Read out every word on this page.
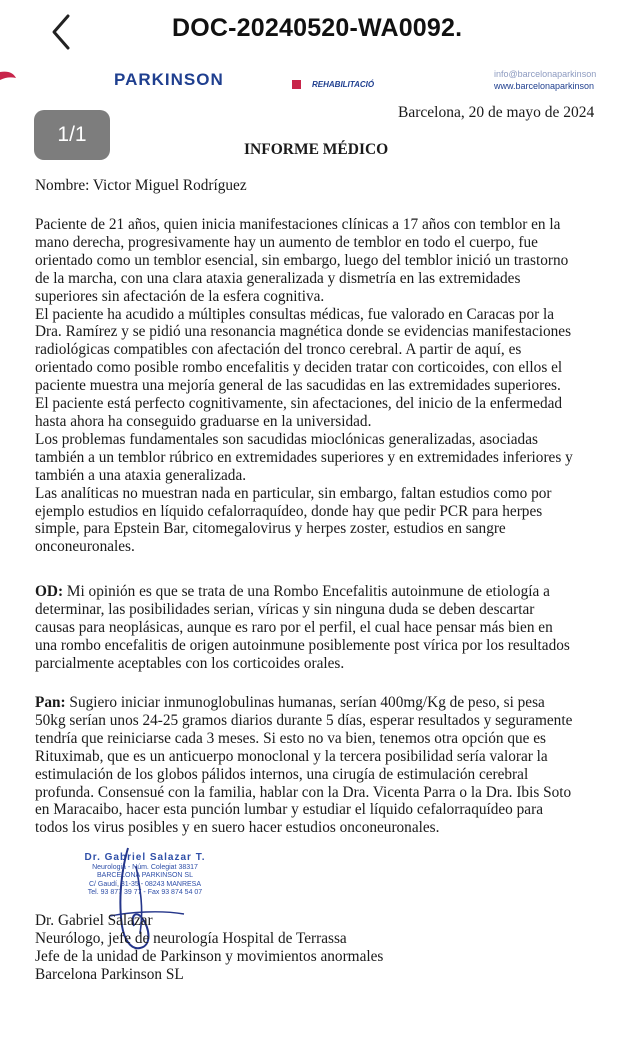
DOC-20240520-WA0092.
1/1
PARKINSON	REHABILITACIÓ
info@barcelonaparkinson
www.barcelonaparkinson
Barcelona, 20 de mayo de 2024
INFORME MÉDICO

Nombre: Victor Miguel Rodríguez

Paciente de 21 años, quien inicia manifestaciones clínicas a 17 años con temblor en la
mano derecha, progresivamente hay un aumento de temblor en todo el cuerpo, fue
orientado como un temblor esencial, sin embargo, luego del temblor inició un trastorno
de la marcha, con una clara ataxia generalizada y dismetría en las extremidades
superiores sin afectación de la esfera cognitiva.
El paciente ha acudido a múltiples consultas médicas, fue valorado en Caracas por la
Dra. Ramírez y se pidió una resonancia magnética donde se evidencias manifestaciones
radiológicas compatibles con afectación del tronco cerebral. A partir de aquí, es
orientado como posible rombo encefalitis y deciden tratar con corticoides, con ellos el
paciente muestra una mejoría general de las sacudidas en las extremidades superiores.
El paciente está perfecto cognitivamente, sin afectaciones, del inicio de la enfermedad
hasta ahora ha conseguido graduarse en la universidad.
Los problemas fundamentales son sacudidas mioclónicas generalizadas, asociadas
también a un temblor rúbrico en extremidades superiores y en extremidades inferiores y
también a una ataxia generalizada.
Las analíticas no muestran nada en particular, sin embargo, faltan estudios como por
ejemplo estudios en líquido cefalorraquídeo, donde hay que pedir PCR para herpes
simple, para Epstein Bar, citomegalovirus y herpes zoster, estudios en sangre
onconeuronales.
OD: Mi opinión es que se trata de una Rombo Encefalitis autoinmune de etiología a
determinar, las posibilidades serian, víricas y sin ninguna duda se deben descartar
causas para neoplásicas, aunque es raro por el perfil, el cual hace pensar más bien en
una rombo encefalitis de origen autoinmune posiblemente post vírica por los resultados
parcialmente aceptables con los corticoides orales.
Pan: Sugiero iniciar inmunoglobulinas humanas, serían 400mg/Kg de peso, si pesa
50kg serían unos 24-25 gramos diarios durante 5 días, esperar resultados y seguramente
tendría que reiniciarse cada 3 meses. Si esto no va bien, tenemos otra opción que es
Rituximab, que es un anticuerpo monoclonal y la tercera posibilidad sería valorar la
estimulación de los globos pálidos internos, una cirugía de estimulación cerebral
profunda. Consensué con la familia, hablar con la Dra. Vicenta Parra o la Dra. Ibis Soto
en Maracaibo, hacer esta punción lumbar y estudiar el líquido cefalorraquídeo para
todos los virus posibles y en suero hacer estudios onconeuronales.
Dr. Gabriel Salazar T.
Neurologia - Núm. Colegiat 38317
BARCELONA PARKINSON SL
C/ Gaudí, 31-35 - 08243 MANRESA
Tel. 93 877 39 77 - Fax 93 874 54 07
Dr. Gabriel Salazar
Neurólogo, jefe de neurología Hospital de Terrassa
Jefe de la unidad de Parkinson y movimientos anormales
Barcelona Parkinson SL
